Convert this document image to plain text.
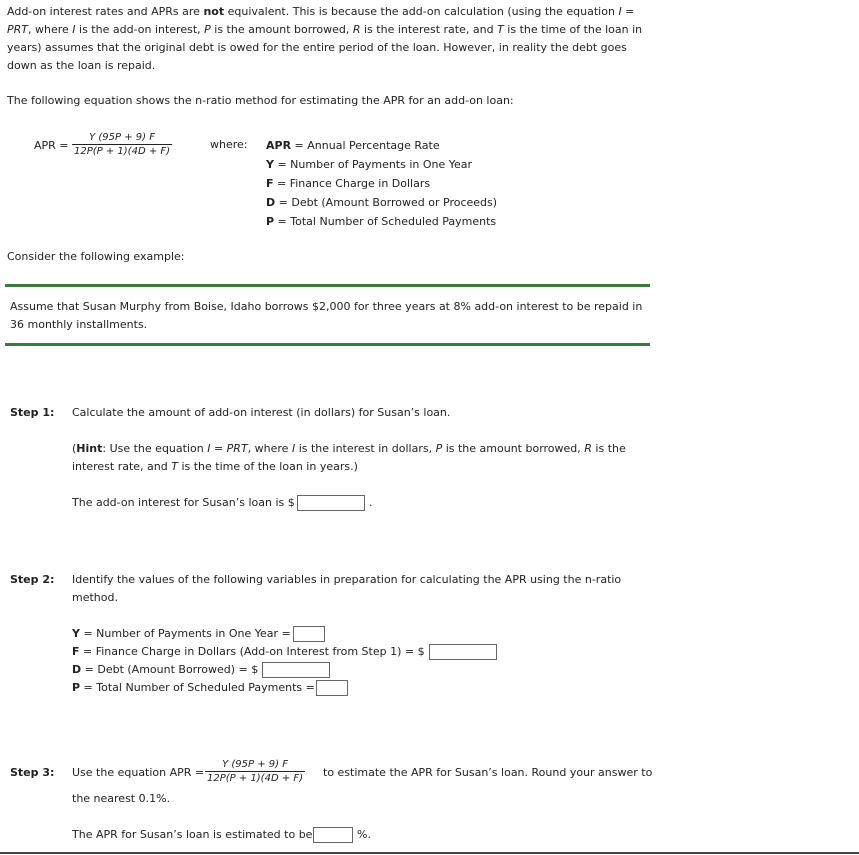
Add-on interest rates and APRs are not equivalent. This is because the add-on calculation (using the equation I = PRT, where I is the add-on interest, P is the amount borrowed, R is the interest rate, and T is the time of the loan in years) assumes that the original debt is owed for the entire period of the loan. However, in reality the debt goes down as the loan is repaid.
The following equation shows the n-ratio method for estimating the APR for an add-on loan:
APR = $\frac{Y (95P + 9) F}{12P(P + 1)(4D + F)}$	where: APR = Annual Percentage Rate
Y = Number of Payments in One Year
F = Finance Charge in Dollars
D = Debt (Amount Borrowed or Proceeds)
P = Total Number of Scheduled Payments
Consider the following example:
Assume that Susan Murphy from Boise, Idaho borrows $2,000 for three years at 8% add-on interest to be repaid in 36 monthly installments.
Step 1: Calculate the amount of add-on interest (in dollars) for Susan’s loan.
(Hint: Use the equation I = PRT, where I is the interest in dollars, P is the amount borrowed, R is the
interest rate, and T is the time of the loan in years.)
The add-on interest for Susan’s loan is $	.
Step 2: Identify the values of the following variables in preparation for calculating the APR using the n-ratio method.
Y = Number of Payments in One Year =
F = Finance Charge in Dollars (Add-on Interest from Step 1) = $
D = Debt (Amount Borrowed) = $
P = Total Number of Scheduled Payments =
Step 3: Use the equation APR = $\frac{Y (95P + 9) F}{12P(P + 1)(4D + F)}$ to estimate the APR for Susan’s loan. Round your answer to
the nearest 0.1%.
The APR for Susan’s loan is estimated to be	%.
